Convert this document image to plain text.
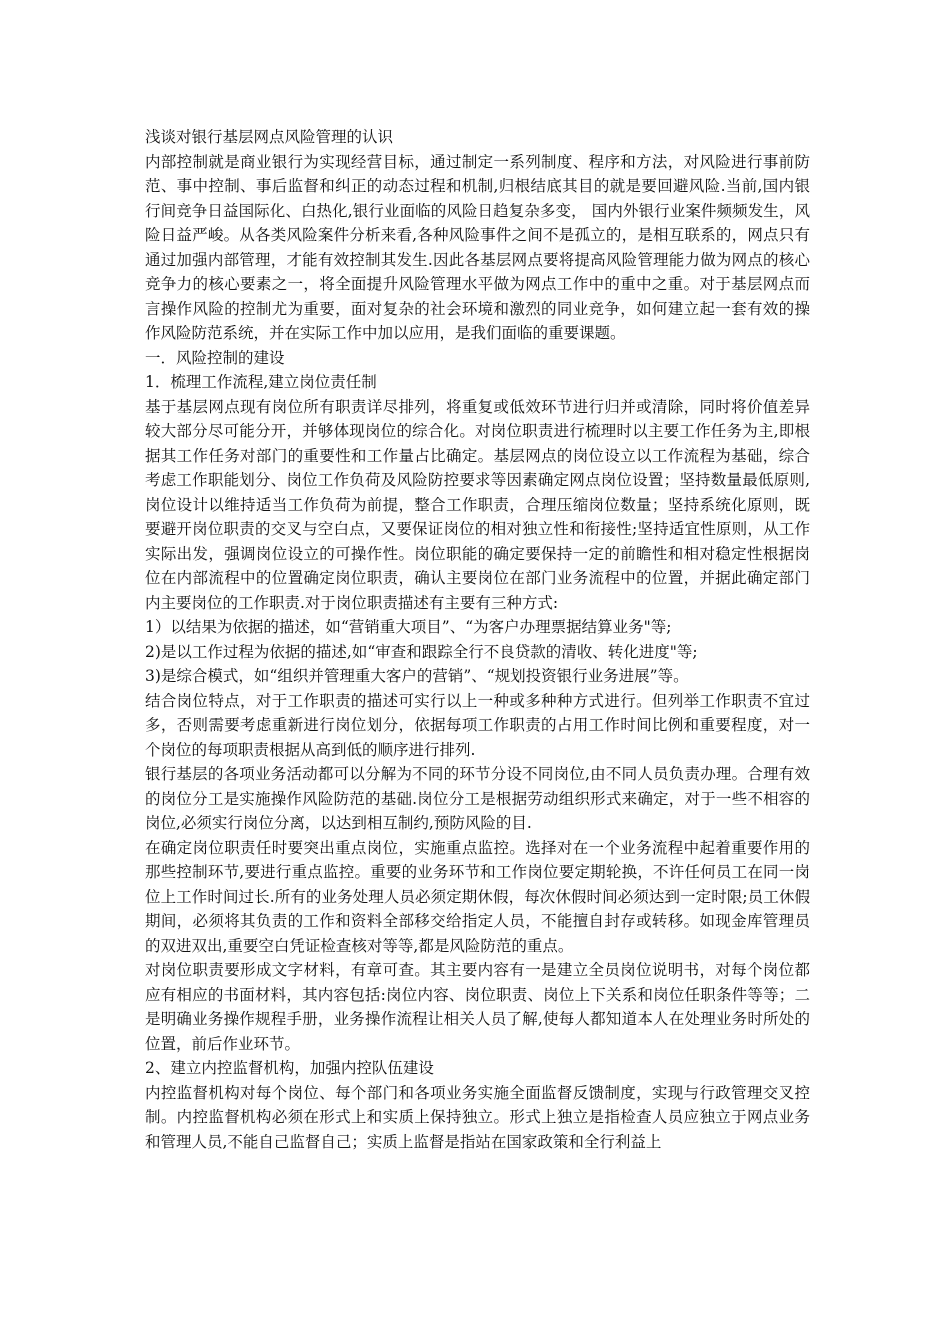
浅谈对银行基层网点风险管理的认识

内部控制就是商业银行为实现经营目标，通过制定一系列制度、程序和方法，对风险进行事前防范、事中控制、事后监督和纠正的动态过程和机制,归根结底其目的就是要回避风险.当前,国内银行间竞争日益国际化、白热化,银行业面临的风险日趋复杂多变， 国内外银行业案件频频发生，风险日益严峻。从各类风险案件分析来看,各种风险事件之间不是孤立的，是相互联系的，网点只有通过加强内部管理，才能有效控制其发生.因此各基层网点要将提高风险管理能力做为网点的核心竞争力的核心要素之一，将全面提升风险管理水平做为网点工作中的重中之重。对于基层网点而言操作风险的控制尤为重要，面对复杂的社会环境和激烈的同业竞争，如何建立起一套有效的操作风险防范系统，并在实际工作中加以应用，是我们面临的重要课题。

一．风险控制的建设

1．梳理工作流程,建立岗位责任制

基于基层网点现有岗位所有职责详尽排列，将重复或低效环节进行归并或清除，同时将价值差异较大部分尽可能分开，并够体现岗位的综合化。对岗位职责进行梳理时以主要工作任务为主,即根据其工作任务对部门的重要性和工作量占比确定。基层网点的岗位设立以工作流程为基础，综合考虑工作职能划分、岗位工作负荷及风险防控要求等因素确定网点岗位设置；坚持数量最低原则,岗位设计以维持适当工作负荷为前提，整合工作职责，合理压缩岗位数量；坚持系统化原则，既要避开岗位职责的交叉与空白点，又要保证岗位的相对独立性和衔接性;坚持适宜性原则，从工作实际出发，强调岗位设立的可操作性。岗位职能的确定要保持一定的前瞻性和相对稳定性根据岗位在内部流程中的位置确定岗位职责，确认主要岗位在部门业务流程中的位置，并据此确定部门内主要岗位的工作职责.对于岗位职责描述有主要有三种方式:

1）以结果为依据的描述，如“营销重大项目”、“为客户办理票据结算业务"等;

2)是以工作过程为依据的描述,如“审查和跟踪全行不良贷款的清收、转化进度"等;

3)是综合模式，如“组织并管理重大客户的营销”、“规划投资银行业务进展”等。

结合岗位特点，对于工作职责的描述可实行以上一种或多种种方式进行。但列举工作职责不宜过多，否则需要考虑重新进行岗位划分，依据每项工作职责的占用工作时间比例和重要程度，对一个岗位的每项职责根据从高到低的顺序进行排列.

银行基层的各项业务活动都可以分解为不同的环节分设不同岗位,由不同人员负责办理。合理有效的岗位分工是实施操作风险防范的基础.岗位分工是根据劳动组织形式来确定，对于一些不相容的岗位,必须实行岗位分离，以达到相互制约,预防风险的目.

在确定岗位职责任时要突出重点岗位，实施重点监控。选择对在一个业务流程中起着重要作用的那些控制环节,要进行重点监控。重要的业务环节和工作岗位要定期轮换，不许任何员工在同一岗位上工作时间过长.所有的业务处理人员必须定期休假，每次休假时间必须达到一定时限;员工休假期间，必须将其负责的工作和资料全部移交给指定人员，不能擅自封存或转移。如现金库管理员的双进双出,重要空白凭证检查核对等等,都是风险防范的重点。

对岗位职责要形成文字材料，有章可查。其主要内容有一是建立全员岗位说明书，对每个岗位都应有相应的书面材料，其内容包括:岗位内容、岗位职责、岗位上下关系和岗位任职条件等等；二是明确业务操作规程手册，业务操作流程让相关人员了解,使每人都知道本人在处理业务时所处的位置，前后作业环节。

2、建立内控监督机构，加强内控队伍建设

内控监督机构对每个岗位、每个部门和各项业务实施全面监督反馈制度，实现与行政管理交叉控制。内控监督机构必须在形式上和实质上保持独立。形式上独立是指检查人员应独立于网点业务和管理人员,不能自己监督自己；实质上监督是指站在国家政策和全行利益上
